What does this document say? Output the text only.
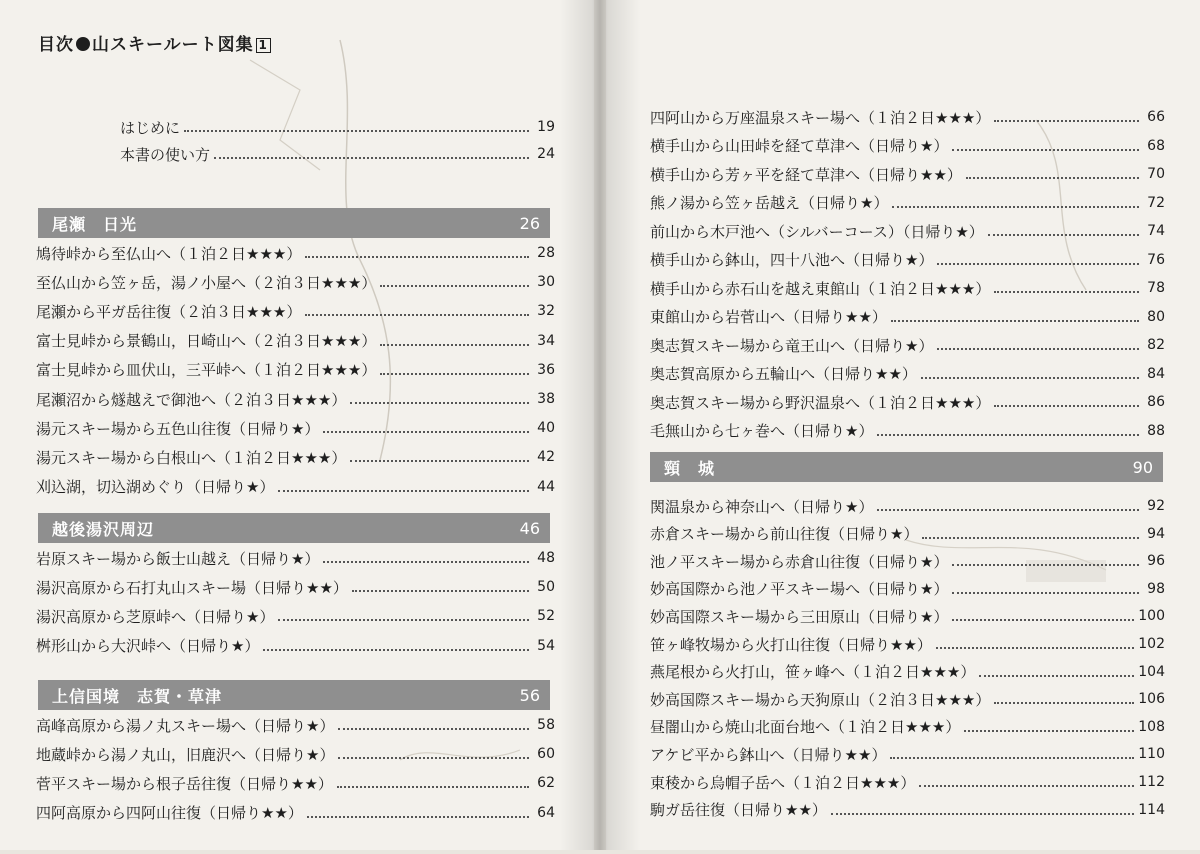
目次 山スキールート図集 1
はじめに	19
本書の使い方	24
尾瀬　日光	26
鳩待峠から至仏山へ（１泊２日★★★）	28
至仏山から笠ヶ岳，湯ノ小屋へ（２泊３日★★★）	30
尾瀬から平ガ岳往復（２泊３日★★★）	32
富士見峠から景鶴山，日崎山へ（２泊３日★★★）	34
富士見峠から皿伏山，三平峠へ（１泊２日★★★）	36
尾瀬沼から燧越えで御池へ（２泊３日★★★）	38
湯元スキー場から五色山往復（日帰り★）	40
湯元スキー場から白根山へ（１泊２日★★★）	42
刈込湖，切込湖めぐり（日帰り★）	44
越後湯沢周辺	46
岩原スキー場から飯士山越え（日帰り★）	48
湯沢高原から石打丸山スキー場（日帰り★★）	50
湯沢高原から芝原峠へ（日帰り★）	52
桝形山から大沢峠へ（日帰り★）	54
上信国境　志賀・草津	56
高峰高原から湯ノ丸スキー場へ（日帰り★）	58
地蔵峠から湯ノ丸山，旧鹿沢へ（日帰り★）	60
菅平スキー場から根子岳往復（日帰り★★）	62
四阿高原から四阿山往復（日帰り★★）	64
四阿山から万座温泉スキー場へ（１泊２日★★★）	66
横手山から山田峠を経て草津へ（日帰り★）	68
横手山から芳ヶ平を経て草津へ（日帰り★★）	70
熊ノ湯から笠ヶ岳越え（日帰り★）	72
前山から木戸池へ（シルバーコース）（日帰り★）	74
横手山から鉢山，四十八池へ（日帰り★）	76
横手山から赤石山を越え東館山（１泊２日★★★）	78
東館山から岩菅山へ（日帰り★★）	80
奥志賀スキー場から竜王山へ（日帰り★）	82
奥志賀高原から五輪山へ（日帰り★★）	84
奥志賀スキー場から野沢温泉へ（１泊２日★★★）	86
毛無山から七ヶ巻へ（日帰り★）	88
頸　城	90
関温泉から神奈山へ（日帰り★）	92
赤倉スキー場から前山往復（日帰り★）	94
池ノ平スキー場から赤倉山往復（日帰り★）	96
妙高国際から池ノ平スキー場へ（日帰り★）	98
妙高国際スキー場から三田原山（日帰り★）	100
笹ヶ峰牧場から火打山往復（日帰り★★）	102
燕尾根から火打山，笹ヶ峰へ（１泊２日★★★）	104
妙高国際スキー場から天狗原山（２泊３日★★★）	106
昼闇山から焼山北面台地へ（１泊２日★★★）	108
アケビ平から鉢山へ（日帰り★★）	110
東稜から烏帽子岳へ（１泊２日★★★）	112
駒ガ岳往復（日帰り★★）	114
